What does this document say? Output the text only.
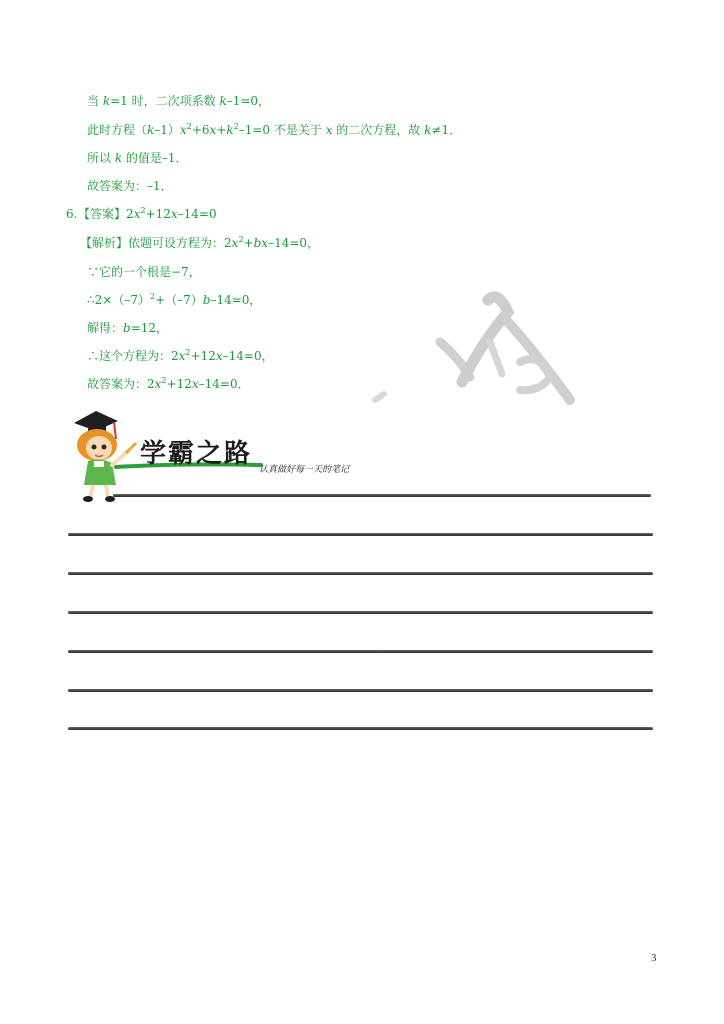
当 k=1 时，二次项系数 k–1=0，
此时方程$(k-1)x^2+6x+k^2-1=0$ 不是关于 x 的二次方程，故 k≠1．
所以 k 的值是–1．
故答案为：–1．
6. 【答案】$2x^2+12x-14=0$
【解析】依题可设方程为：$2x^2+bx-14=0$，
∵它的一个根是−7，
$\therefore 2\times(-7)^2+(-7)b-14=0$，
解得：b=12，
∴这个方程为：$2x^2+12x-14=0$，
故答案为：$2x^2+12x-14=0$．
学霸之路
认真做好每一天的笔记
3
